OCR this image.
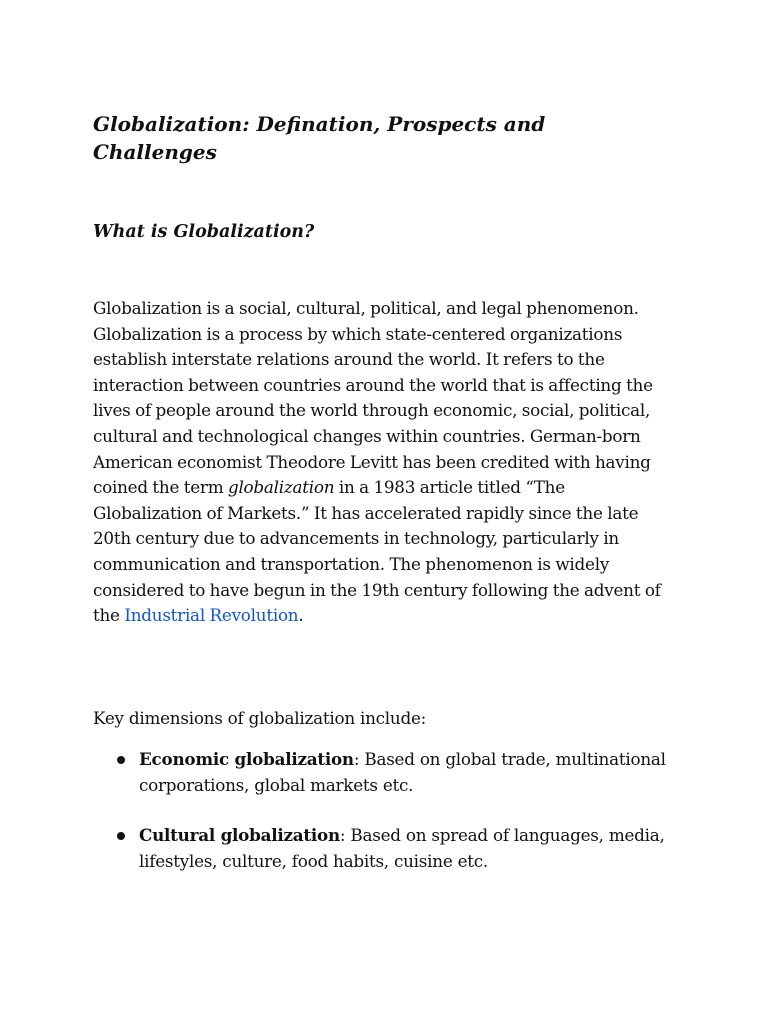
Globalization: Defination, Prospects and Challenges
What is Globalization?

Globalization is a social, cultural, political, and legal phenomenon. Globalization is a process by which state-centered organizations establish interstate relations around the world. It refers to the interaction between countries around the world that is affecting the lives of people around the world through economic, social, political, cultural and technological changes within countries. German-born American economist Theodore Levitt has been credited with having coined the term globalization in a 1983 article titled “The Globalization of Markets.” It has accelerated rapidly since the late 20th century due to advancements in technology, particularly in communication and transportation. The phenomenon is widely considered to have begun in the 19th century following the advent of the Industrial Revolution.

Key dimensions of globalization include:

Economic globalization: Based on global trade, multinational corporations, global markets etc.
Cultural globalization: Based on spread of languages, media, lifestyles, culture, food habits, cuisine etc.
